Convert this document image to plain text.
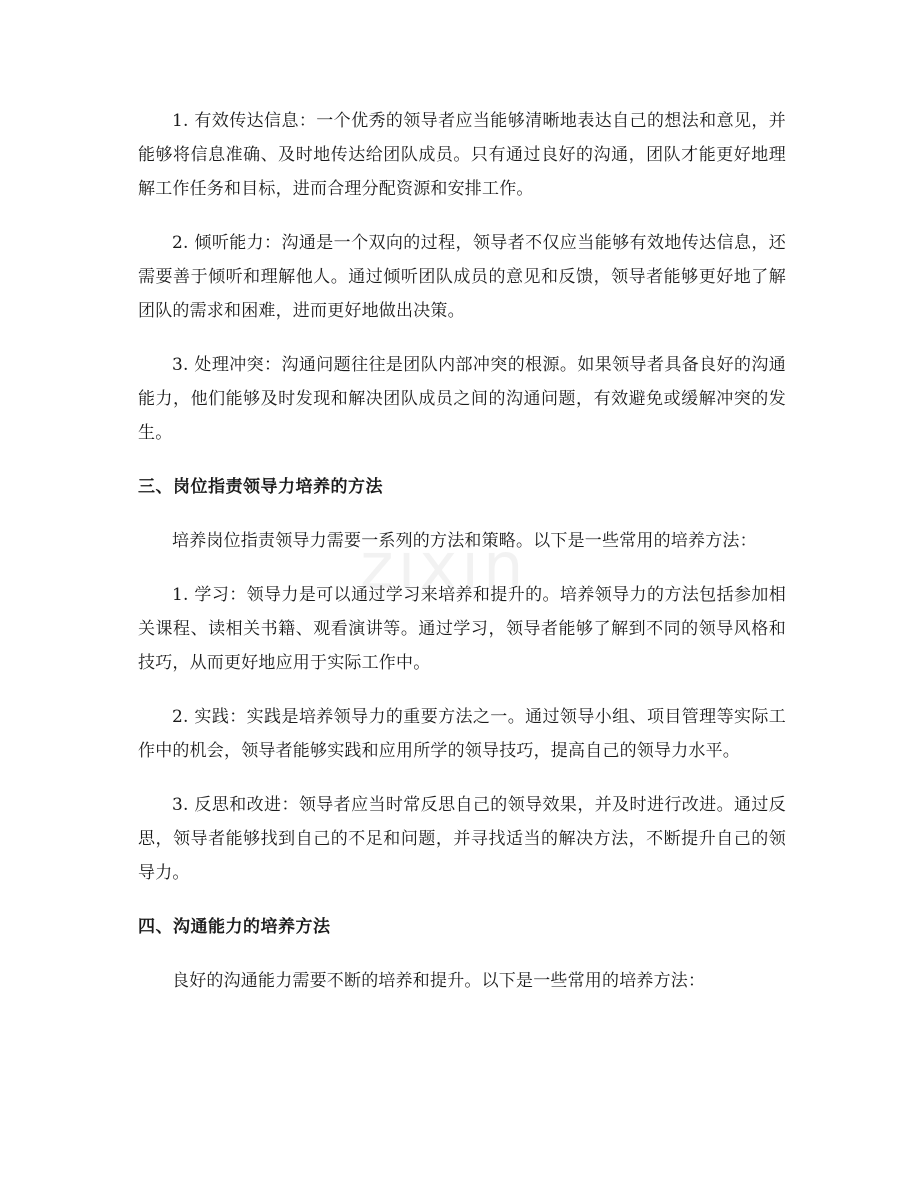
zixin

1. 有效传达信息：一个优秀的领导者应当能够清晰地表达自己的想法和意见，并能够将信息准确、及时地传达给团队成员。只有通过良好的沟通，团队才能更好地理解工作任务和目标，进而合理分配资源和安排工作。

2. 倾听能力：沟通是一个双向的过程，领导者不仅应当能够有效地传达信息，还需要善于倾听和理解他人。通过倾听团队成员的意见和反馈，领导者能够更好地了解团队的需求和困难，进而更好地做出决策。

3. 处理冲突：沟通问题往往是团队内部冲突的根源。如果领导者具备良好的沟通能力，他们能够及时发现和解决团队成员之间的沟通问题，有效避免或缓解冲突的发生。

三、岗位指责领导力培养的方法

培养岗位指责领导力需要一系列的方法和策略。以下是一些常用的培养方法：

1. 学习：领导力是可以通过学习来培养和提升的。培养领导力的方法包括参加相关课程、读相关书籍、观看演讲等。通过学习，领导者能够了解到不同的领导风格和技巧，从而更好地应用于实际工作中。

2. 实践：实践是培养领导力的重要方法之一。通过领导小组、项目管理等实际工作中的机会，领导者能够实践和应用所学的领导技巧，提高自己的领导力水平。

3. 反思和改进：领导者应当时常反思自己的领导效果，并及时进行改进。通过反思，领导者能够找到自己的不足和问题，并寻找适当的解决方法，不断提升自己的领导力。

四、沟通能力的培养方法

良好的沟通能力需要不断的培养和提升。以下是一些常用的培养方法：
